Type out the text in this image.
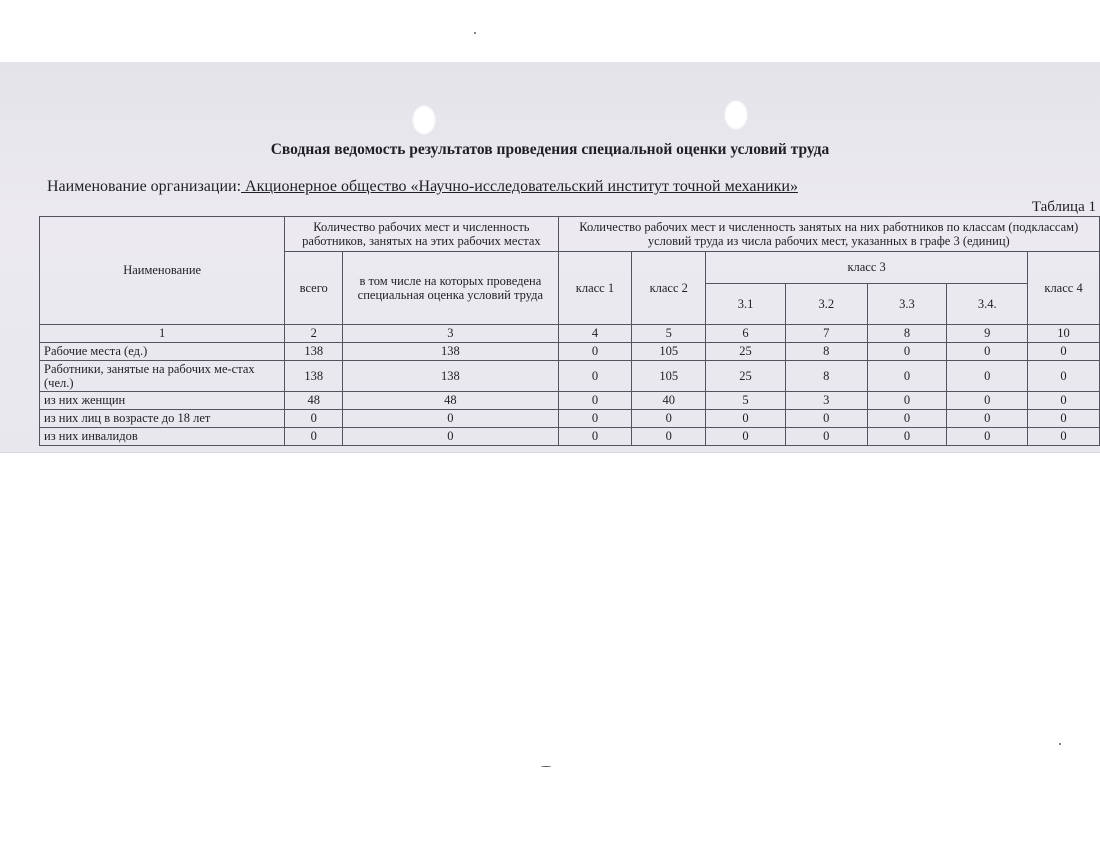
Сводная ведомость результатов проведения специальной оценки условий труда
Наименование организации: Акционерное общество «Научно-исследовательский институт точной механики»
Таблица 1
Наименование	Количество рабочих мест и численность работников, занятых на этих рабочих местах		Количество рабочих мест и численность занятых на них работников по классам (подклассам) условий труда из числа рабочих мест, указанных в графе 3 (единиц)						
	всего	в том числе на которых проведена специальная оценка условий труда	класс 1	класс 2	класс 3				класс 4
					3.1	3.2	3.3	3.4.	
1	2	3	4	5	6	7	8	9	10
Рабочие места (ед.)	138	138	0	105	25	8	0	0	0
Работники, занятые на рабочих ме-стах (чел.)	138	138	0	105	25	8	0	0	0
из них женщин	48	48	0	40	5	3	0	0	0
из них лиц в возрасте до 18 лет	0	0	0	0	0	0	0	0	0
из них инвалидов	0	0	0	0	0	0	0	0	0
